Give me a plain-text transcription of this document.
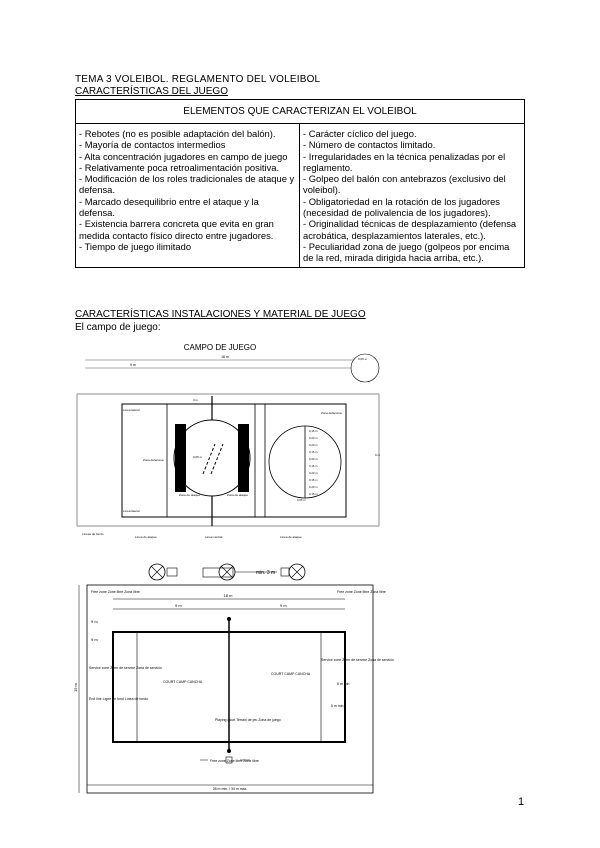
TEMA 3 VOLEIBOL. REGLAMENTO DEL VOLEIBOL
CARACTERÍSTICAS DEL JUEGO
ELEMENTOS QUE CARACTERIZAN EL VOLEIBOL

- Rebotes (no es posible adaptación del balón).
- Mayoría de contactos intermedios
- Alta concentración jugadores en campo de juego
- Relativamente poca retroalimentación positiva.
- Modificación de los roles tradicionales de ataque y defensa.
- Marcado desequilibrio entre el ataque y la defensa.
- Existencia barrera concreta que evita en gran medida contacto físico directo entre jugadores.
- Tiempo de juego ilimitado

- Carácter cíclico del juego.
- Número de contactos limitado.
- Irregularidades en la técnica penalizadas por el reglamento.
- Golpeo del balón con antebrazos (exclusivo del voleibol).
- Obligatoriedad en la rotación de los jugadores (necesidad de polivalencia de los jugadores).
- Originalidad técnicas de desplazamiento (defensa acrobática, desplazamientos laterales, etc.).
- Peculiaridad zona de juego (golpeos por encima de la red, mirada dirigida hacia arriba, etc.).
CARACTERÍSTICAS INSTALACIONES Y MATERIAL DE JUEGO
El campo de juego:
CAMPO DE JUEGO
18 m
9 m
0,05 m
0,05 m
0,15 m
0,20 m
0,20 m
0,15 m
0,20 m
0,15 m
0,20 m
0,15 m
0,20 m
0,15 m
0,05 m
Línea lateral
3 m
Zona defensiva
Zona defensiva
Zona de ataque	Zona de ataque
Línea lateral
Líneas de fondo
Línea de ataque	Línea central	Línea de ataque
9 m
min. 3 m
18 m
9 m	9 m
19 m
9 m
9 m
Free zone Zone libre Zona libre	Free zone Zone libre Zona libre
Service zone Zone de service Zona de servicio
Service zone Zone de service Zona de servicio
End line Ligne de fond Línea de fondo
COURT CAMP CANCHA
COURT CAMP CANCHA
Playing court Terrain de jeu Zona de juego
5 m min
6 m min
Free zone Zone libre Zona libre
28 m min. / 34 m máx.
1
